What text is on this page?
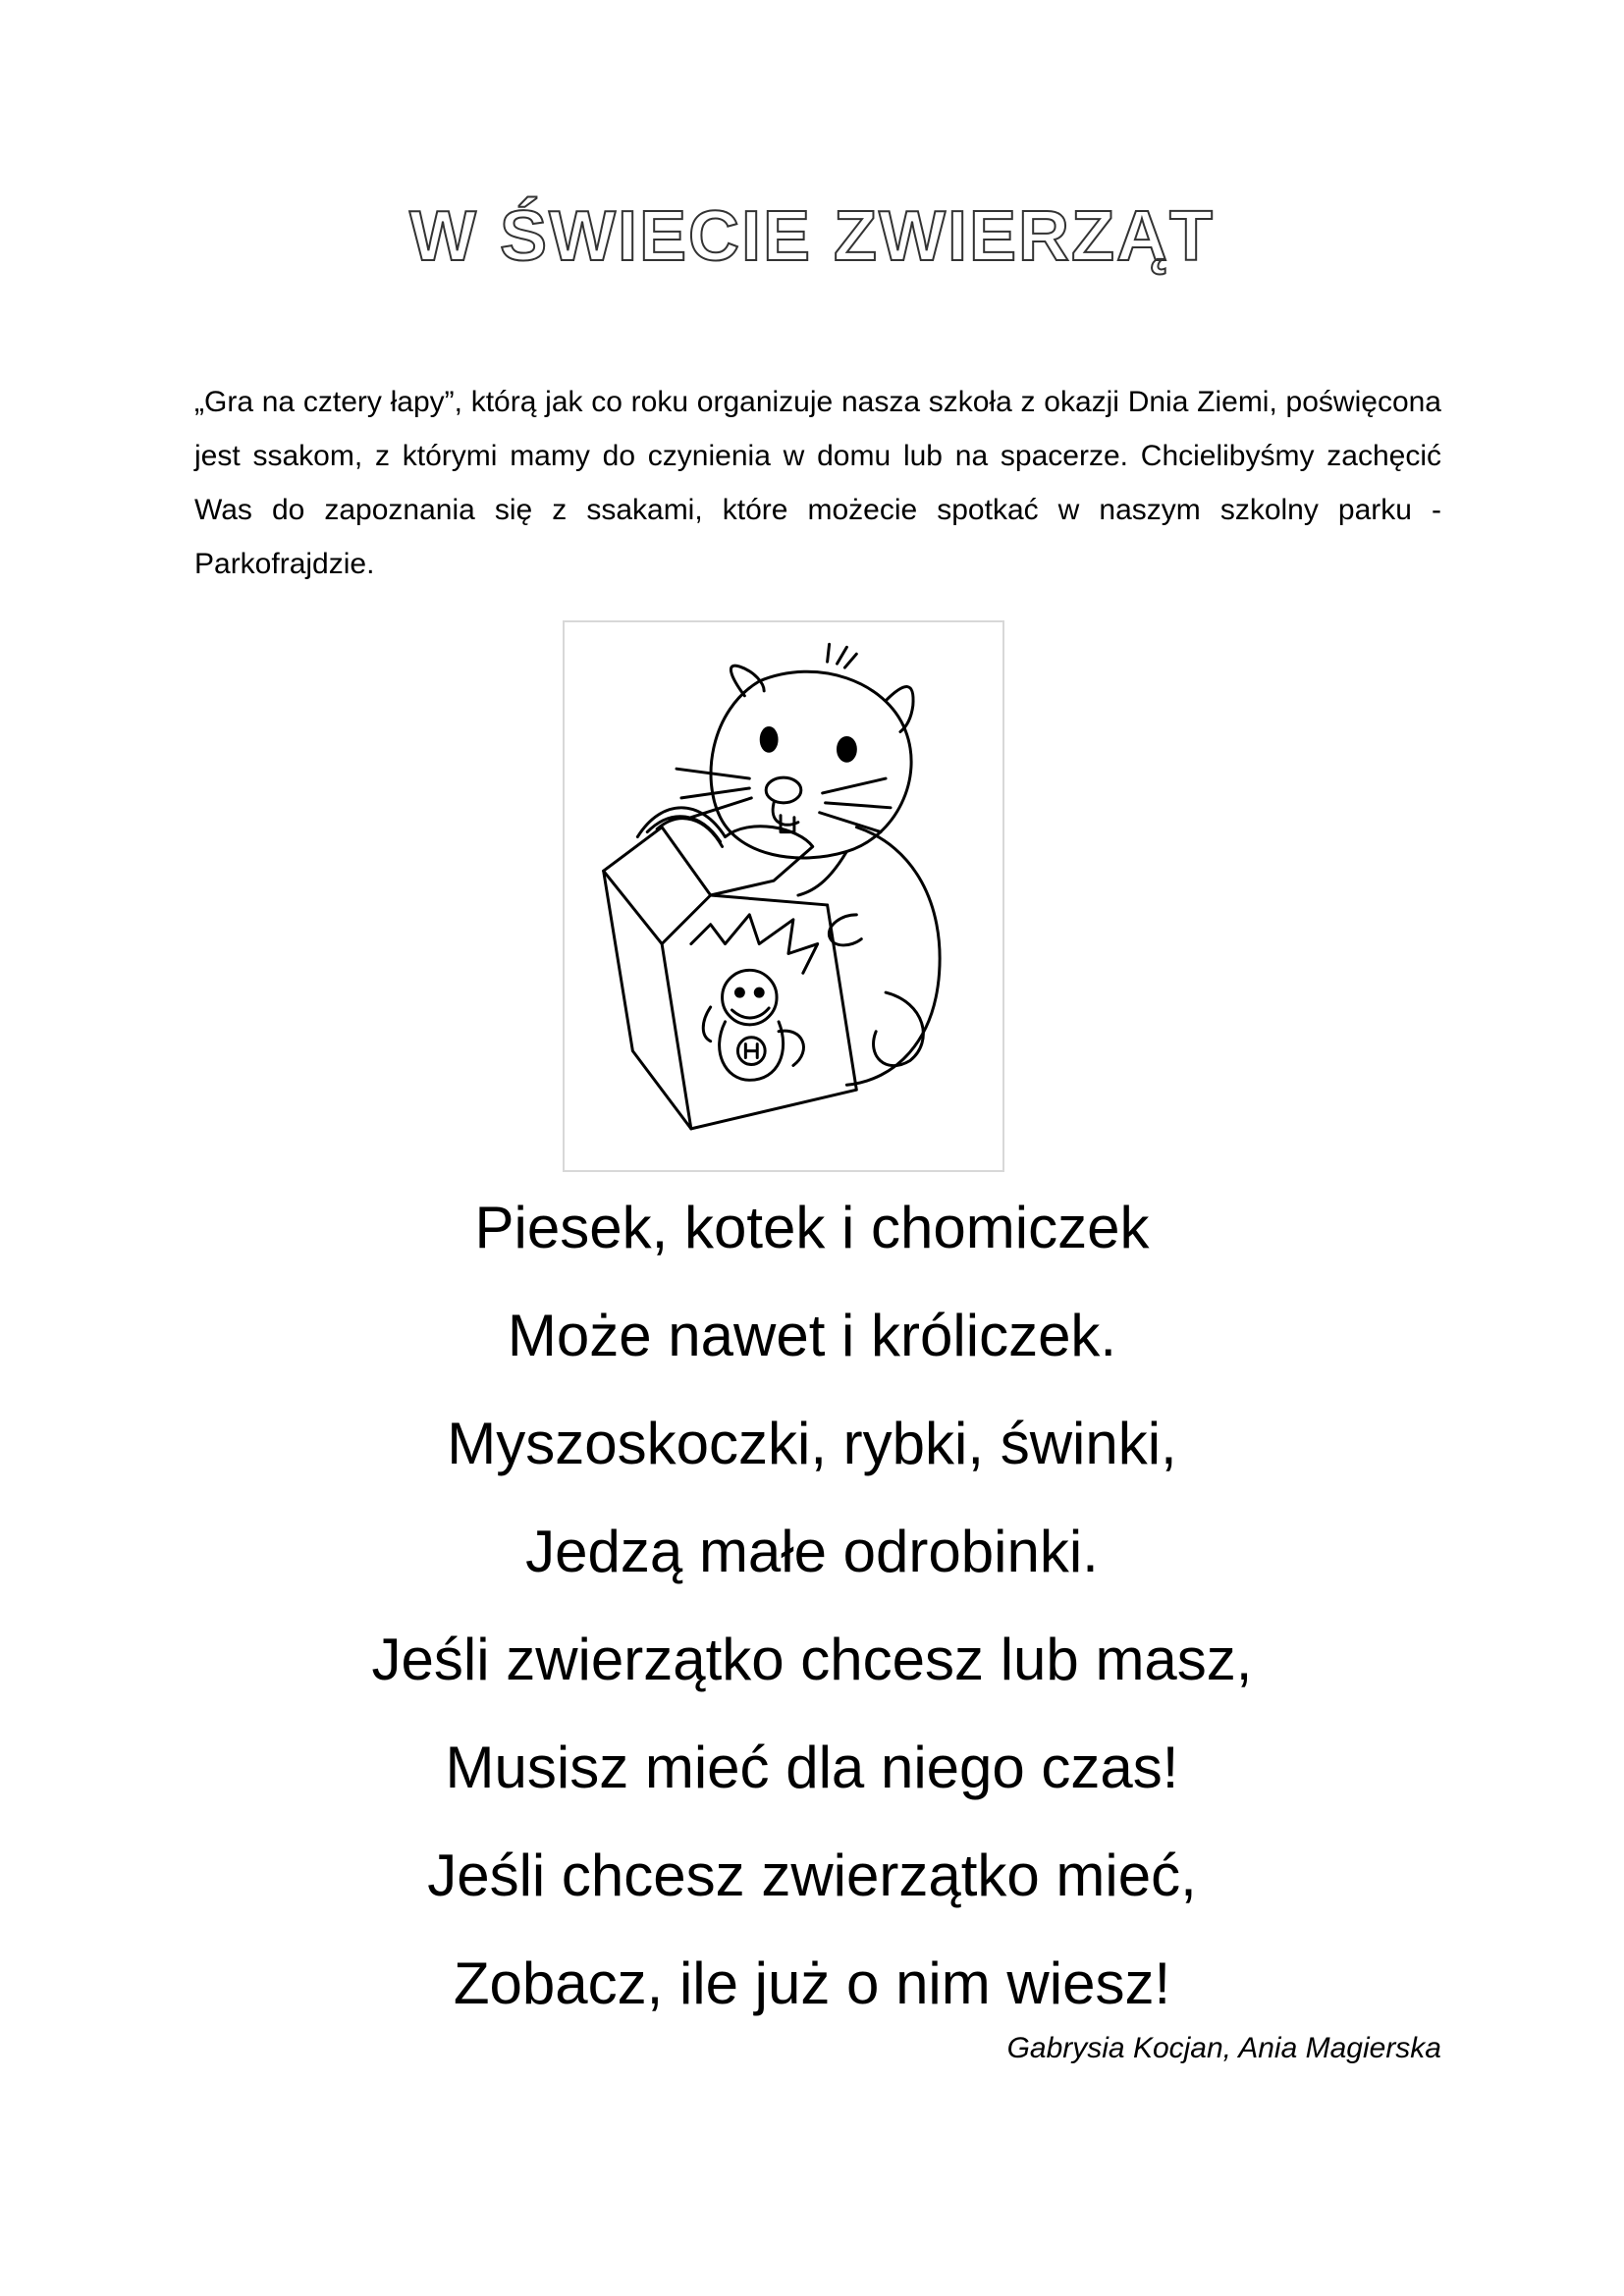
W ŚWIECIE ZWIERZĄT

„Gra na cztery łapy”, którą jak co roku organizuje nasza szkoła z okazji Dnia Ziemi, poświęcona jest ssakom, z którymi mamy do czynienia w domu lub na spacerze. Chcielibyśmy zachęcić Was do zapoznania się z ssakami, które możecie spotkać w naszym szkolny parku - Parkofrajdzie.

Piesek, kotek i chomiczek
Może nawet i króliczek.
Myszoskoczki, rybki, świnki,
Jedzą małe odrobinki.
Jeśli zwierzątko chcesz lub masz,
Musisz mieć dla niego czas!
Jeśli chcesz zwierzątko mieć,
Zobacz, ile już o nim wiesz!
Gabrysia Kocjan, Ania Magierska
